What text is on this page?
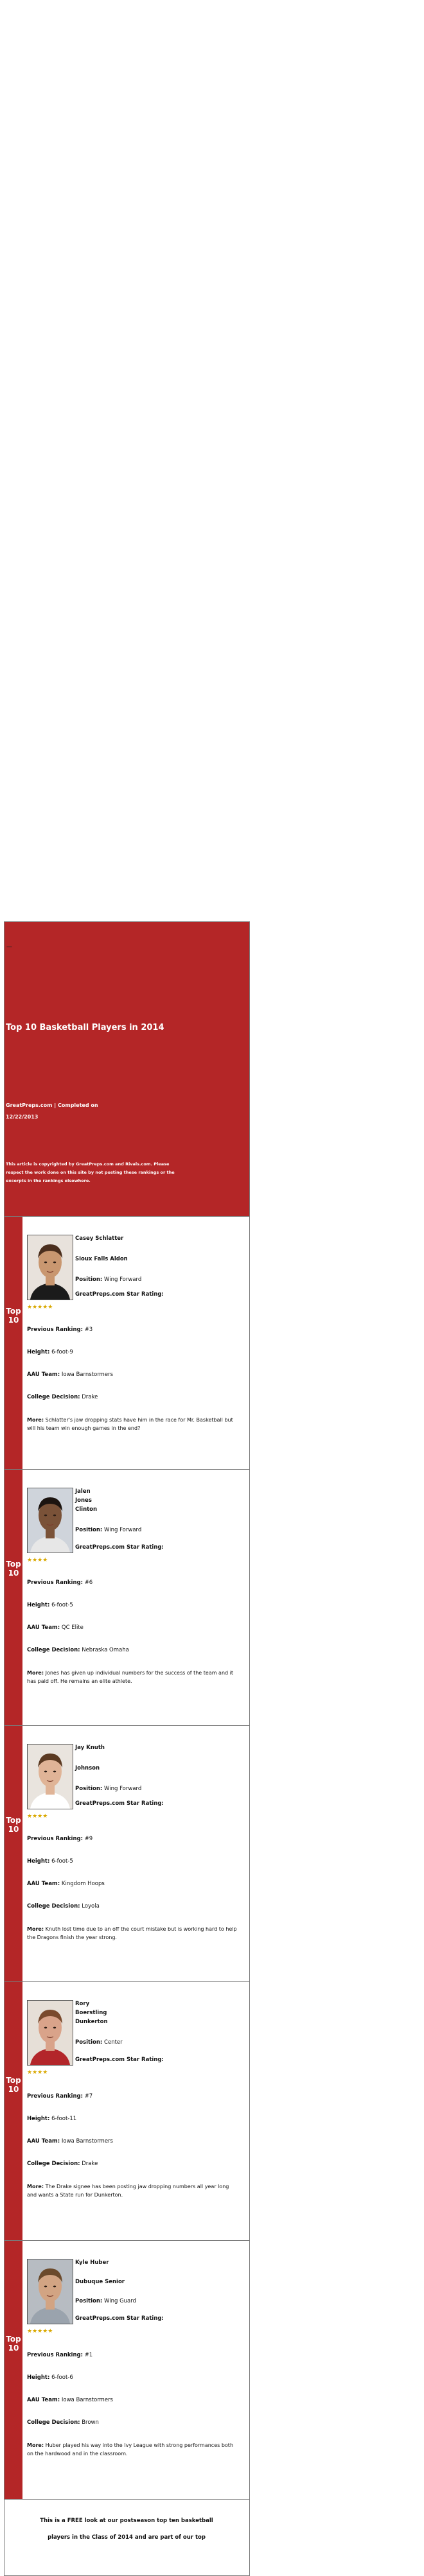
—
Top 10 Basketball Players in 2014
GreatPreps.com | Completed on
12/22/2013
This article is copyrighted by GreatPreps.com and Rivals.com. Please respect the work done on this site by not posting these rankings or the excerpts in the rankings elsewhere.
Top
10
Casey Schlatter
Sioux Falls Aldon
Position: Wing Forward
GreatPreps.com Star Rating:
★★★★★
Previous Ranking: #3
Height: 6-foot-9
AAU Team: Iowa Barnstormers
College Decision: Drake
More: Schlatter's jaw dropping stats have him in the race for Mr. Basketball but will his team win enough games in the end?
Top
10
Jalen
Jones
Clinton
Position: Wing Forward
GreatPreps.com Star Rating:
★★★★
Previous Ranking: #6
Height: 6-foot-5
AAU Team: QC Elite
College Decision: Nebraska Omaha
More: Jones has given up individual numbers for the success of the team and it has paid off. He remains an elite athlete.
Top
10
Jay Knuth
Johnson
Position: Wing Forward
GreatPreps.com Star Rating:
★★★★
Previous Ranking: #9
Height: 6-foot-5
AAU Team: Kingdom Hoops
College Decision: Loyola
More: Knuth lost time due to an off the court mistake but is working hard to help the Dragons finish the year strong.
Top
10
Rory
Boerstling
Dunkerton
Position: Center
GreatPreps.com Star Rating:
★★★★
Previous Ranking: #7
Height: 6-foot-11
AAU Team: Iowa Barnstormers
College Decision: Drake
More: The Drake signee has been posting jaw dropping numbers all year long and wants a State run for Dunkerton.
Top
10
Kyle Huber
Dubuque Senior
Position: Wing Guard
GreatPreps.com Star Rating:
★★★★★
Previous Ranking: #1
Height: 6-foot-6
AAU Team: Iowa Barnstormers
College Decision: Brown
More: Huber played his way into the Ivy League with strong performances both on the hardwood and in the classroom.
This is a FREE look at our postseason top ten basketball players in the Class of 2014 and are part of our top
